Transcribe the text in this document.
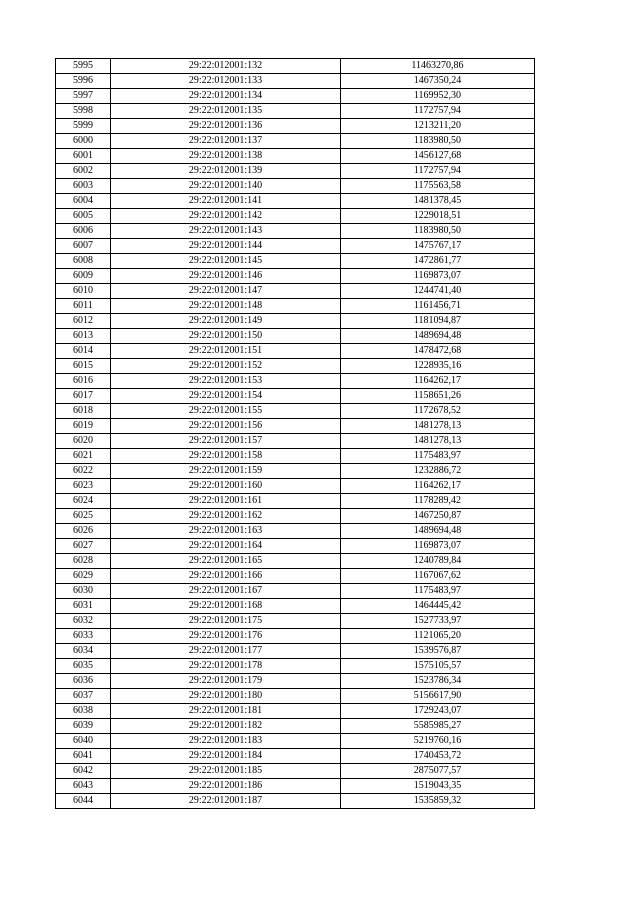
5995	29:22:012001:132	11463270,86
5996	29:22:012001:133	1467350,24
5997	29:22:012001:134	1169952,30
5998	29:22:012001:135	1172757,94
5999	29:22:012001:136	1213211,20
6000	29:22:012001:137	1183980,50
6001	29:22:012001:138	1456127,68
6002	29:22:012001:139	1172757,94
6003	29:22:012001:140	1175563,58
6004	29:22:012001:141	1481378,45
6005	29:22:012001:142	1229018,51
6006	29:22:012001:143	1183980,50
6007	29:22:012001:144	1475767,17
6008	29:22:012001:145	1472861,77
6009	29:22:012001:146	1169873,07
6010	29:22:012001:147	1244741,40
6011	29:22:012001:148	1161456,71
6012	29:22:012001:149	1181094,87
6013	29:22:012001:150	1489694,48
6014	29:22:012001:151	1478472,68
6015	29:22:012001:152	1228935,16
6016	29:22:012001:153	1164262,17
6017	29:22:012001:154	1158651,26
6018	29:22:012001:155	1172678,52
6019	29:22:012001:156	1481278,13
6020	29:22:012001:157	1481278,13
6021	29:22:012001:158	1175483,97
6022	29:22:012001:159	1232886,72
6023	29:22:012001:160	1164262,17
6024	29:22:012001:161	1178289,42
6025	29:22:012001:162	1467250,87
6026	29:22:012001:163	1489694,48
6027	29:22:012001:164	1169873,07
6028	29:22:012001:165	1240789,84
6029	29:22:012001:166	1167067,62
6030	29:22:012001:167	1175483,97
6031	29:22:012001:168	1464445,42
6032	29:22:012001:175	1527733,97
6033	29:22:012001:176	1121065,20
6034	29:22:012001:177	1539576,87
6035	29:22:012001:178	1575105,57
6036	29:22:012001:179	1523786,34
6037	29:22:012001:180	5156617,90
6038	29:22:012001:181	1729243,07
6039	29:22:012001:182	5585985,27
6040	29:22:012001:183	5219760,16
6041	29:22:012001:184	1740453,72
6042	29:22:012001:185	2875077,57
6043	29:22:012001:186	1519043,35
6044	29:22:012001:187	1535859,32
